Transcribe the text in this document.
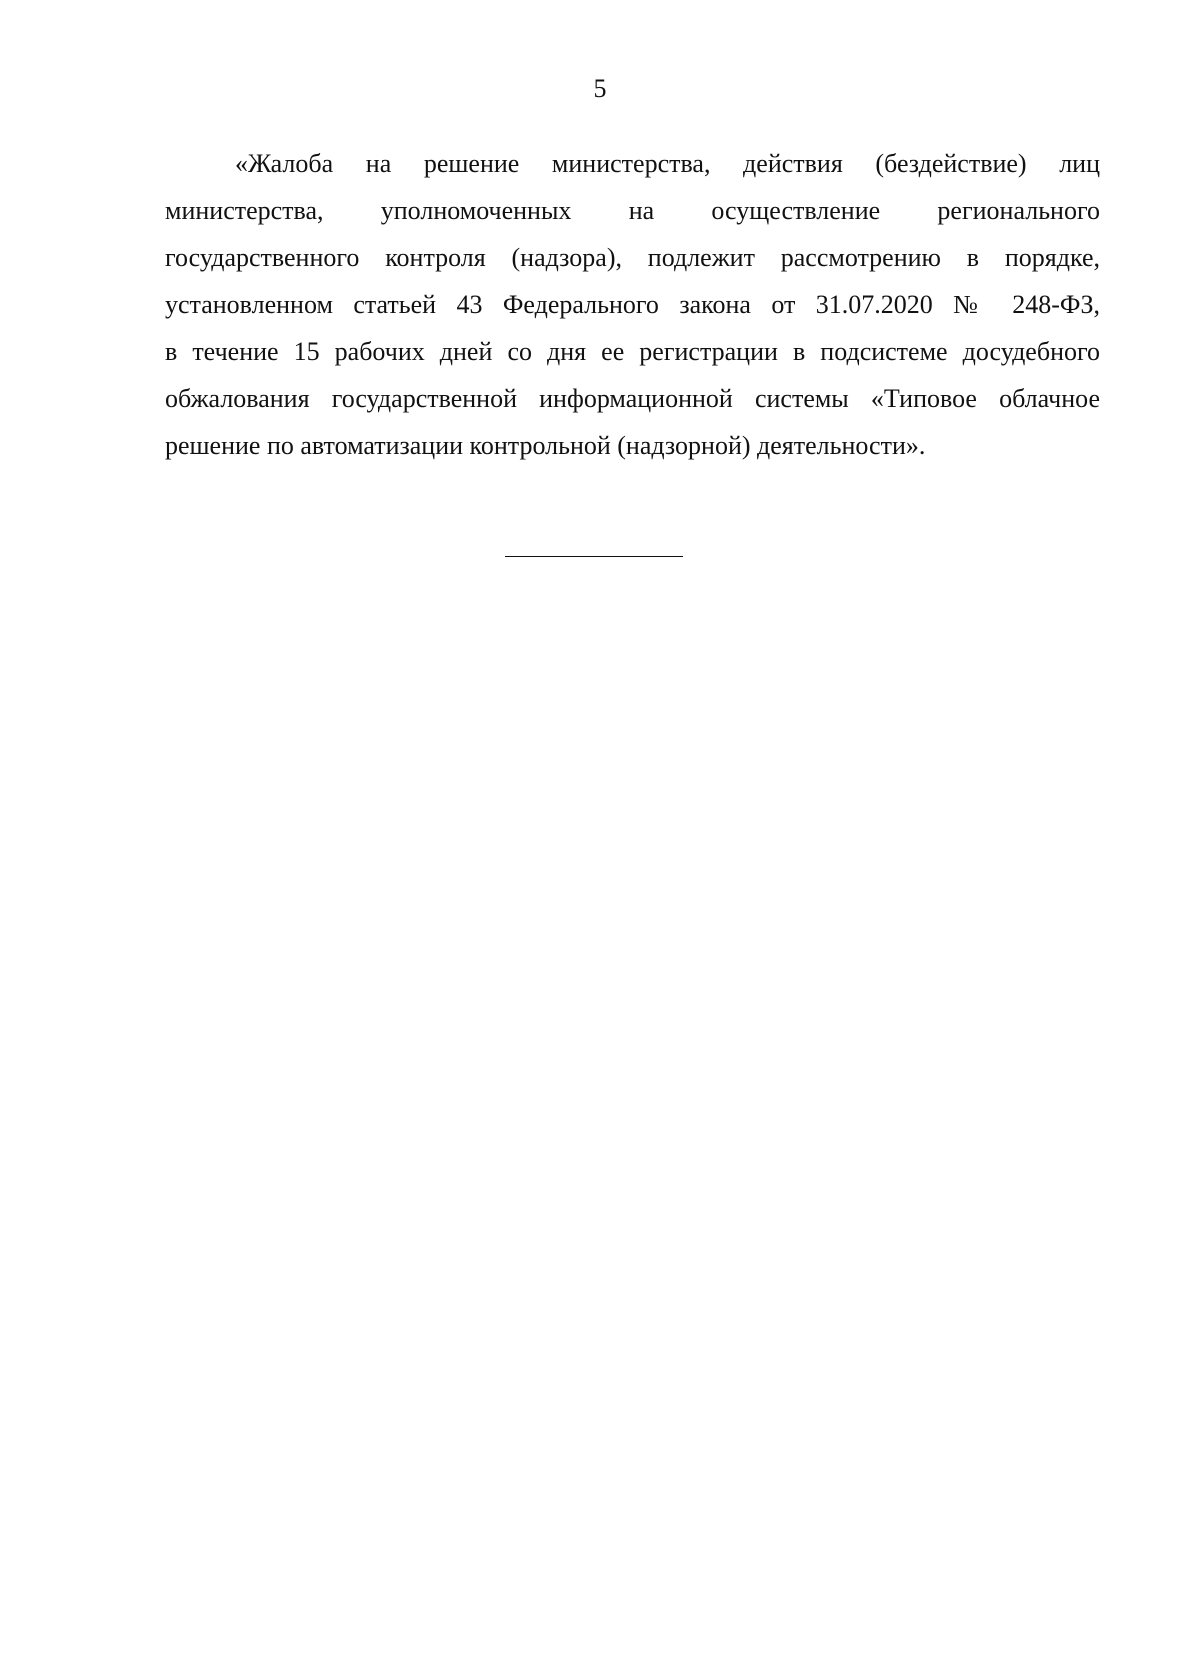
5
«Жалоба на решение министерства, действия (бездействие) лиц
министерства, уполномоченных на осуществление регионального
государственного контроля (надзора), подлежит рассмотрению в порядке,
установленном статьей 43 Федерального закона от 31.07.2020 № 248-ФЗ,
в течение 15 рабочих дней со дня ее регистрации в подсистеме досудебного
обжалования государственной информационной системы «Типовое облачное
решение по автоматизации контрольной (надзорной) деятельности».
